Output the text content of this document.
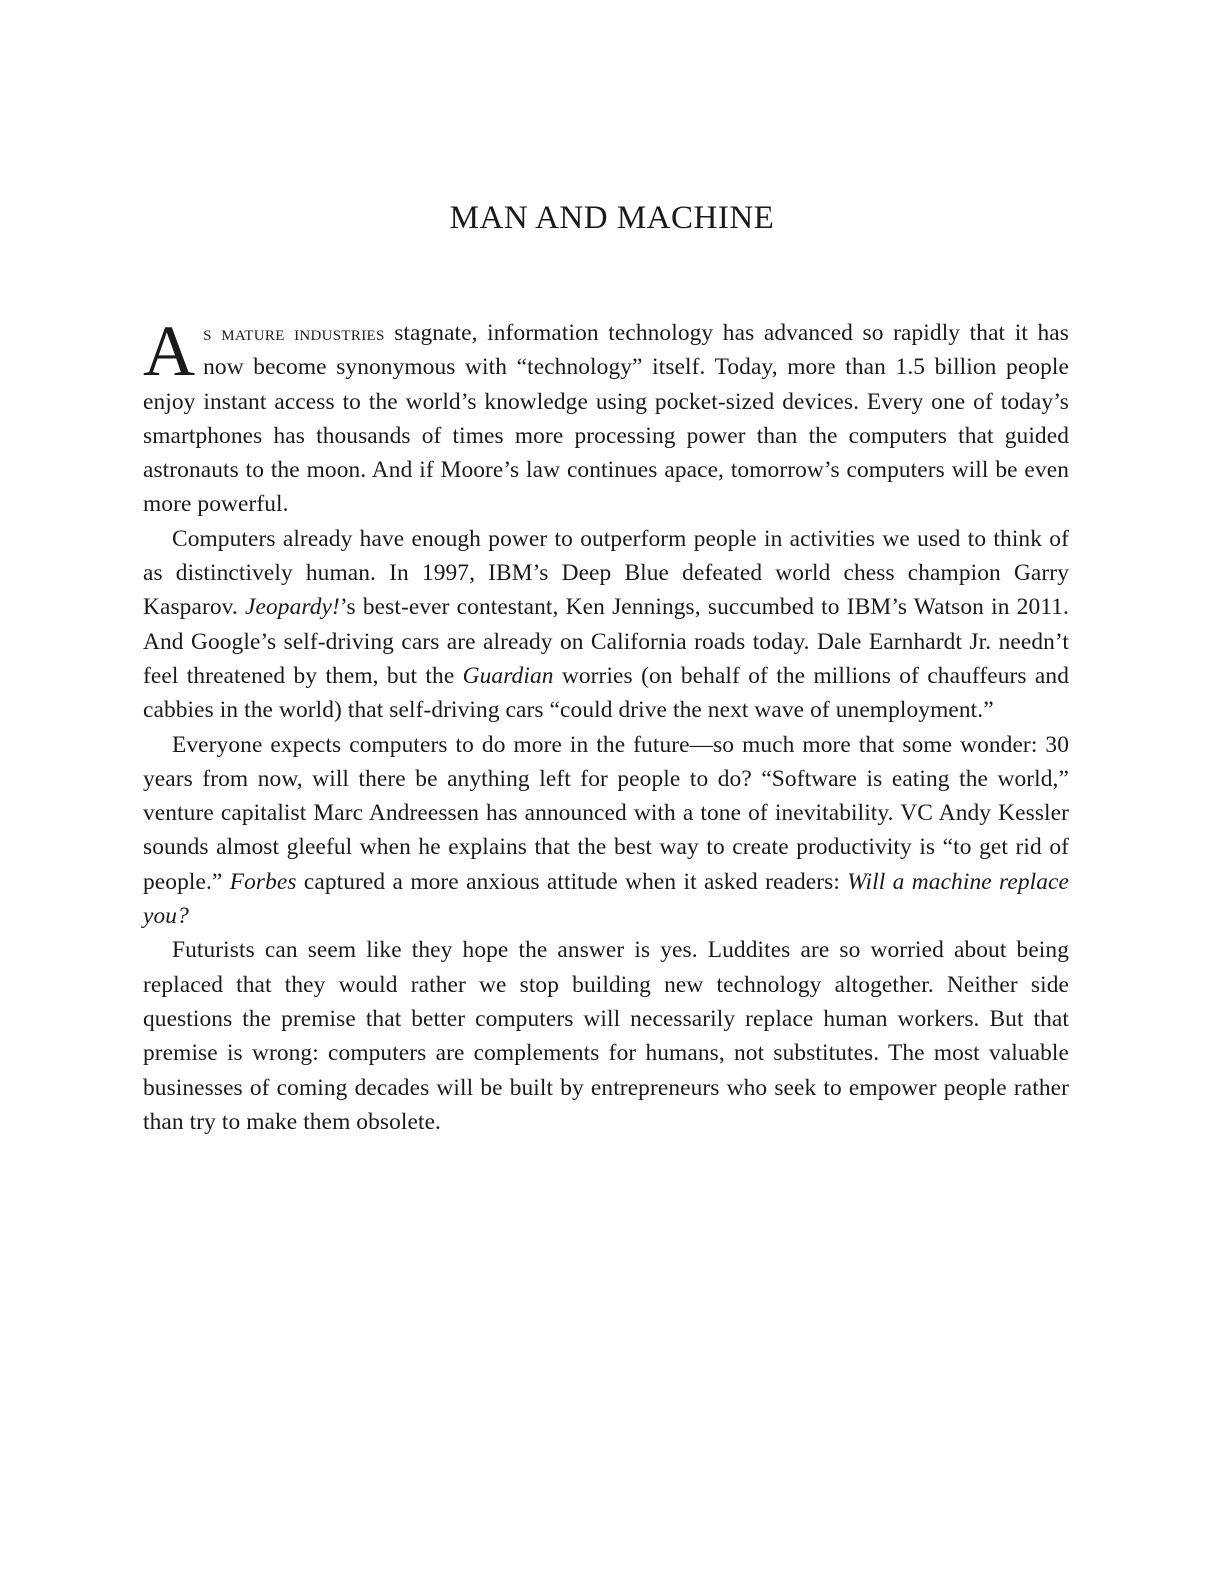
MAN AND MACHINE

A s mature industries stagnate, information technology has advanced so rapidly that it has now become synonymous with “technology” itself. Today, more than 1.5 billion people enjoy instant access to the world’s knowledge using pocket-sized devices. Every one of today’s smartphones has thousands of times more processing power than the computers that guided astronauts to the moon. And if Moore’s law continues apace, tomorrow’s computers will be even more powerful.

Computers already have enough power to outperform people in activities we used to think of as distinctively human. In 1997, IBM’s Deep Blue defeated world chess champion Garry Kasparov. Jeopardy!’s best-ever contestant, Ken Jennings, succumbed to IBM’s Watson in 2011. And Google’s self-driving cars are already on California roads today. Dale Earnhardt Jr. needn’t feel threatened by them, but the Guardian worries (on behalf of the millions of chauffeurs and cabbies in the world) that self-driving cars “could drive the next wave of unemployment.”

Everyone expects computers to do more in the future—so much more that some wonder: 30 years from now, will there be anything left for people to do? “Software is eating the world,” venture capitalist Marc Andreessen has announced with a tone of inevitability. VC Andy Kessler sounds almost gleeful when he explains that the best way to create productivity is “to get rid of people.” Forbes captured a more anxious attitude when it asked readers: Will a machine replace you?

Futurists can seem like they hope the answer is yes. Luddites are so worried about being replaced that they would rather we stop building new technology altogether. Neither side questions the premise that better computers will necessarily replace human workers. But that premise is wrong: computers are complements for humans, not substitutes. The most valuable businesses of coming decades will be built by entrepreneurs who seek to empower people rather than try to make them obsolete.
